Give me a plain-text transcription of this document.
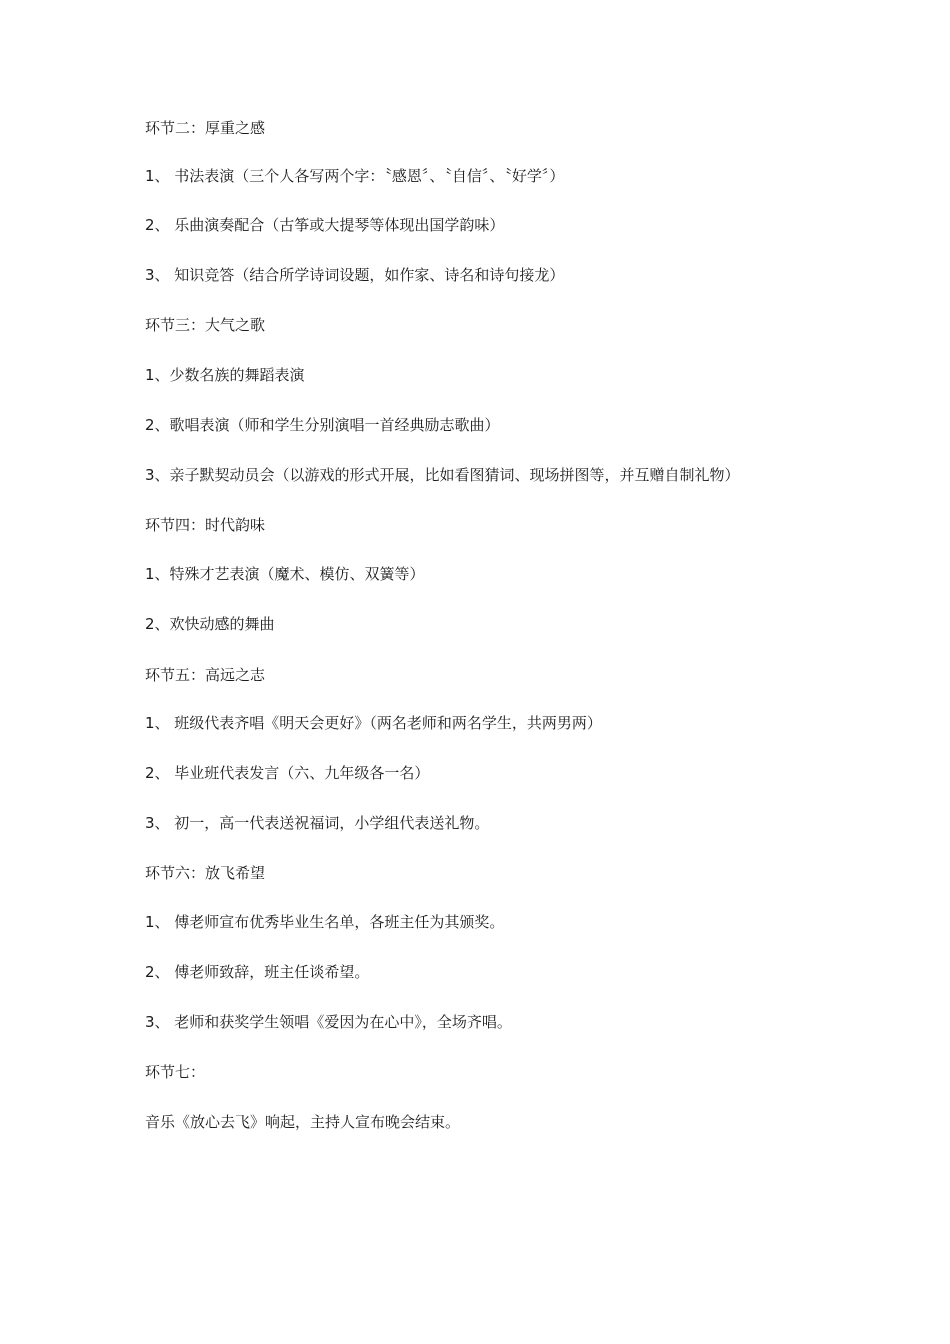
环节二：厚重之感
1、 书法表演（三个人各写两个字：〝感恩〞、〝自信〞、〝好学〞）
2、 乐曲演奏配合（古筝或大提琴等体现出国学韵味）
3、 知识竞答（结合所学诗词设题，如作家、诗名和诗句接龙）
环节三：大气之歌
1、少数名族的舞蹈表演
2、歌唱表演（师和学生分别演唱一首经典励志歌曲）
3、亲子默契动员会（以游戏的形式开展，比如看图猜词、现场拼图等，并互赠自制礼物）
环节四：时代韵味
1、特殊才艺表演（魔术、模仿、双簧等）
2、欢快动感的舞曲
环节五：高远之志
1、 班级代表齐唱《明天会更好》（两名老师和两名学生，共两男两）
2、 毕业班代表发言（六、九年级各一名）
3、 初一，高一代表送祝福词，小学组代表送礼物。
环节六：放飞希望
1、 傅老师宣布优秀毕业生名单，各班主任为其颁奖。
2、 傅老师致辞，班主任谈希望。
3、 老师和获奖学生领唱《爱因为在心中》，全场齐唱。
环节七：
音乐《放心去飞》响起，主持人宣布晚会结束。
